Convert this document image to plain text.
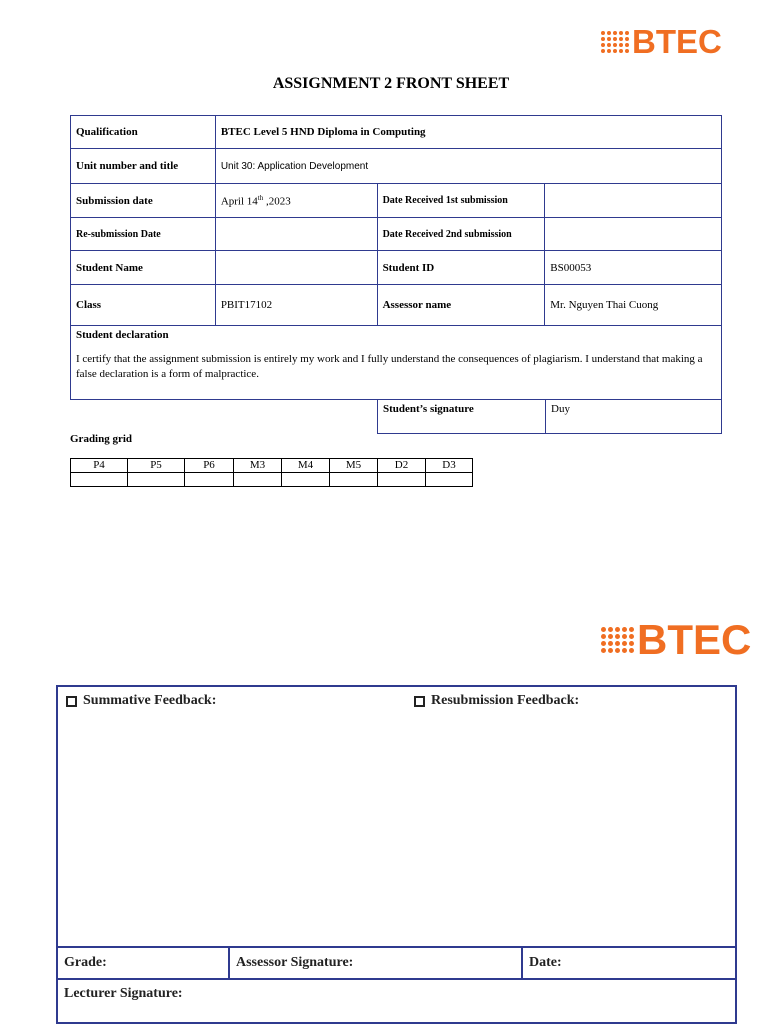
BTEC
ASSIGNMENT 2 FRONT SHEET
Qualification	BTEC Level 5 HND Diploma in Computing		
Unit number and title	Unit 30: Application Development		
Submission date	April 14th ,2023	Date Received 1st submission	
Re-submission Date		Date Received 2nd submission	
Student Name		Student ID	BS00053
Class	PBIT17102	Assessor name	Mr. Nguyen Thai Cuong
Student declaration

I certify that the assignment submission is entirely my work and I fully understand the consequences of plagiarism. I understand that making a false declaration is a form of malpractice.

Student’s signature	Duy
Grading grid
P4	P5	P6	M3	M4	M5	D2	D3

BTEC
Summative Feedback:	Resubmission Feedback:
Grade:	Assessor Signature:	Date:
Lecturer Signature:
